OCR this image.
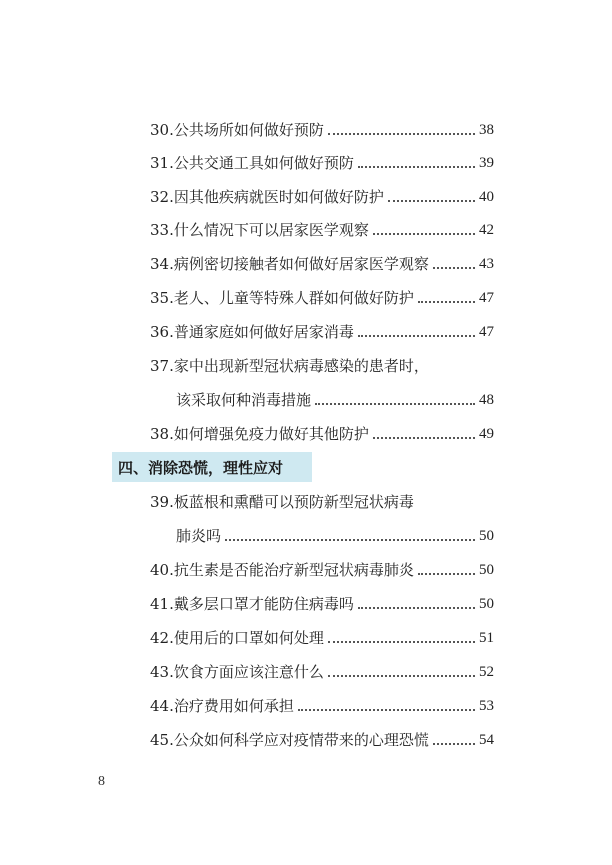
30. 公共场所如何做好预防	38
31. 公共交通工具如何做好预防	39
32. 因其他疾病就医时如何做好防护	40
33. 什么情况下可以居家医学观察	42
34. 病例密切接触者如何做好居家医学观察	43
35. 老人、儿童等特殊人群如何做好防护	47
36. 普通家庭如何做好居家消毒	47
37. 家中出现新型冠状病毒感染的患者时，
该采取何种消毒措施	48
38. 如何增强免疫力做好其他防护	49
四、消除恐慌，理性应对
39. 板蓝根和熏醋可以预防新型冠状病毒
肺炎吗	50
40. 抗生素是否能治疗新型冠状病毒肺炎	50
41. 戴多层口罩才能防住病毒吗	50
42. 使用后的口罩如何处理	51
43. 饮食方面应该注意什么	52
44. 治疗费用如何承担	53
45. 公众如何科学应对疫情带来的心理恐慌	54
8
